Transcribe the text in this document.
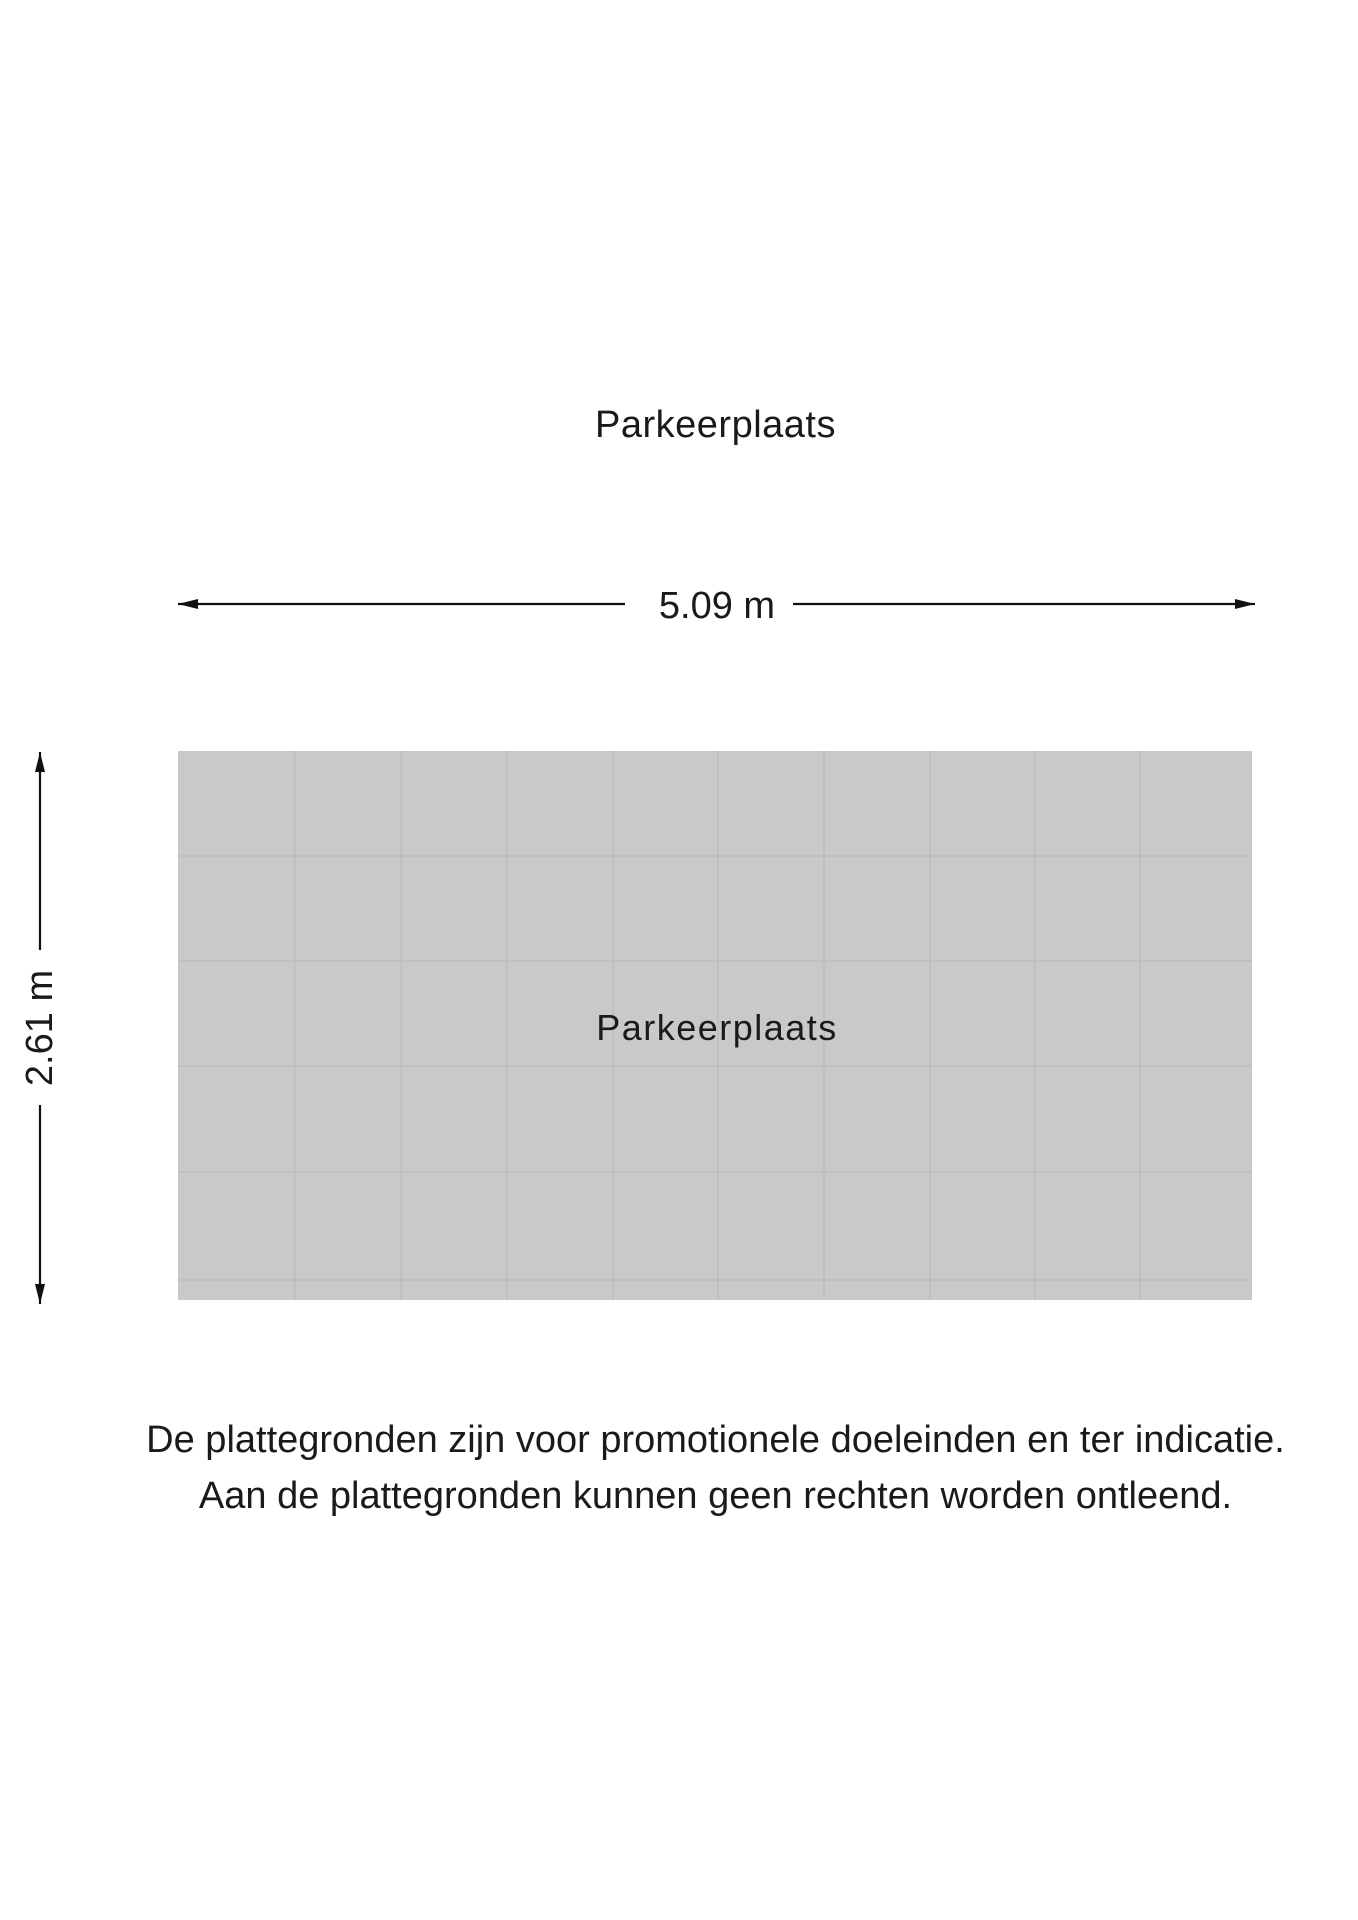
Parkeerplaats
5.09 m
2.61 m	Parkeerplaats
De plattegronden zijn voor promotionele doeleinden en ter indicatie.
Aan de plattegronden kunnen geen rechten worden ontleend.
